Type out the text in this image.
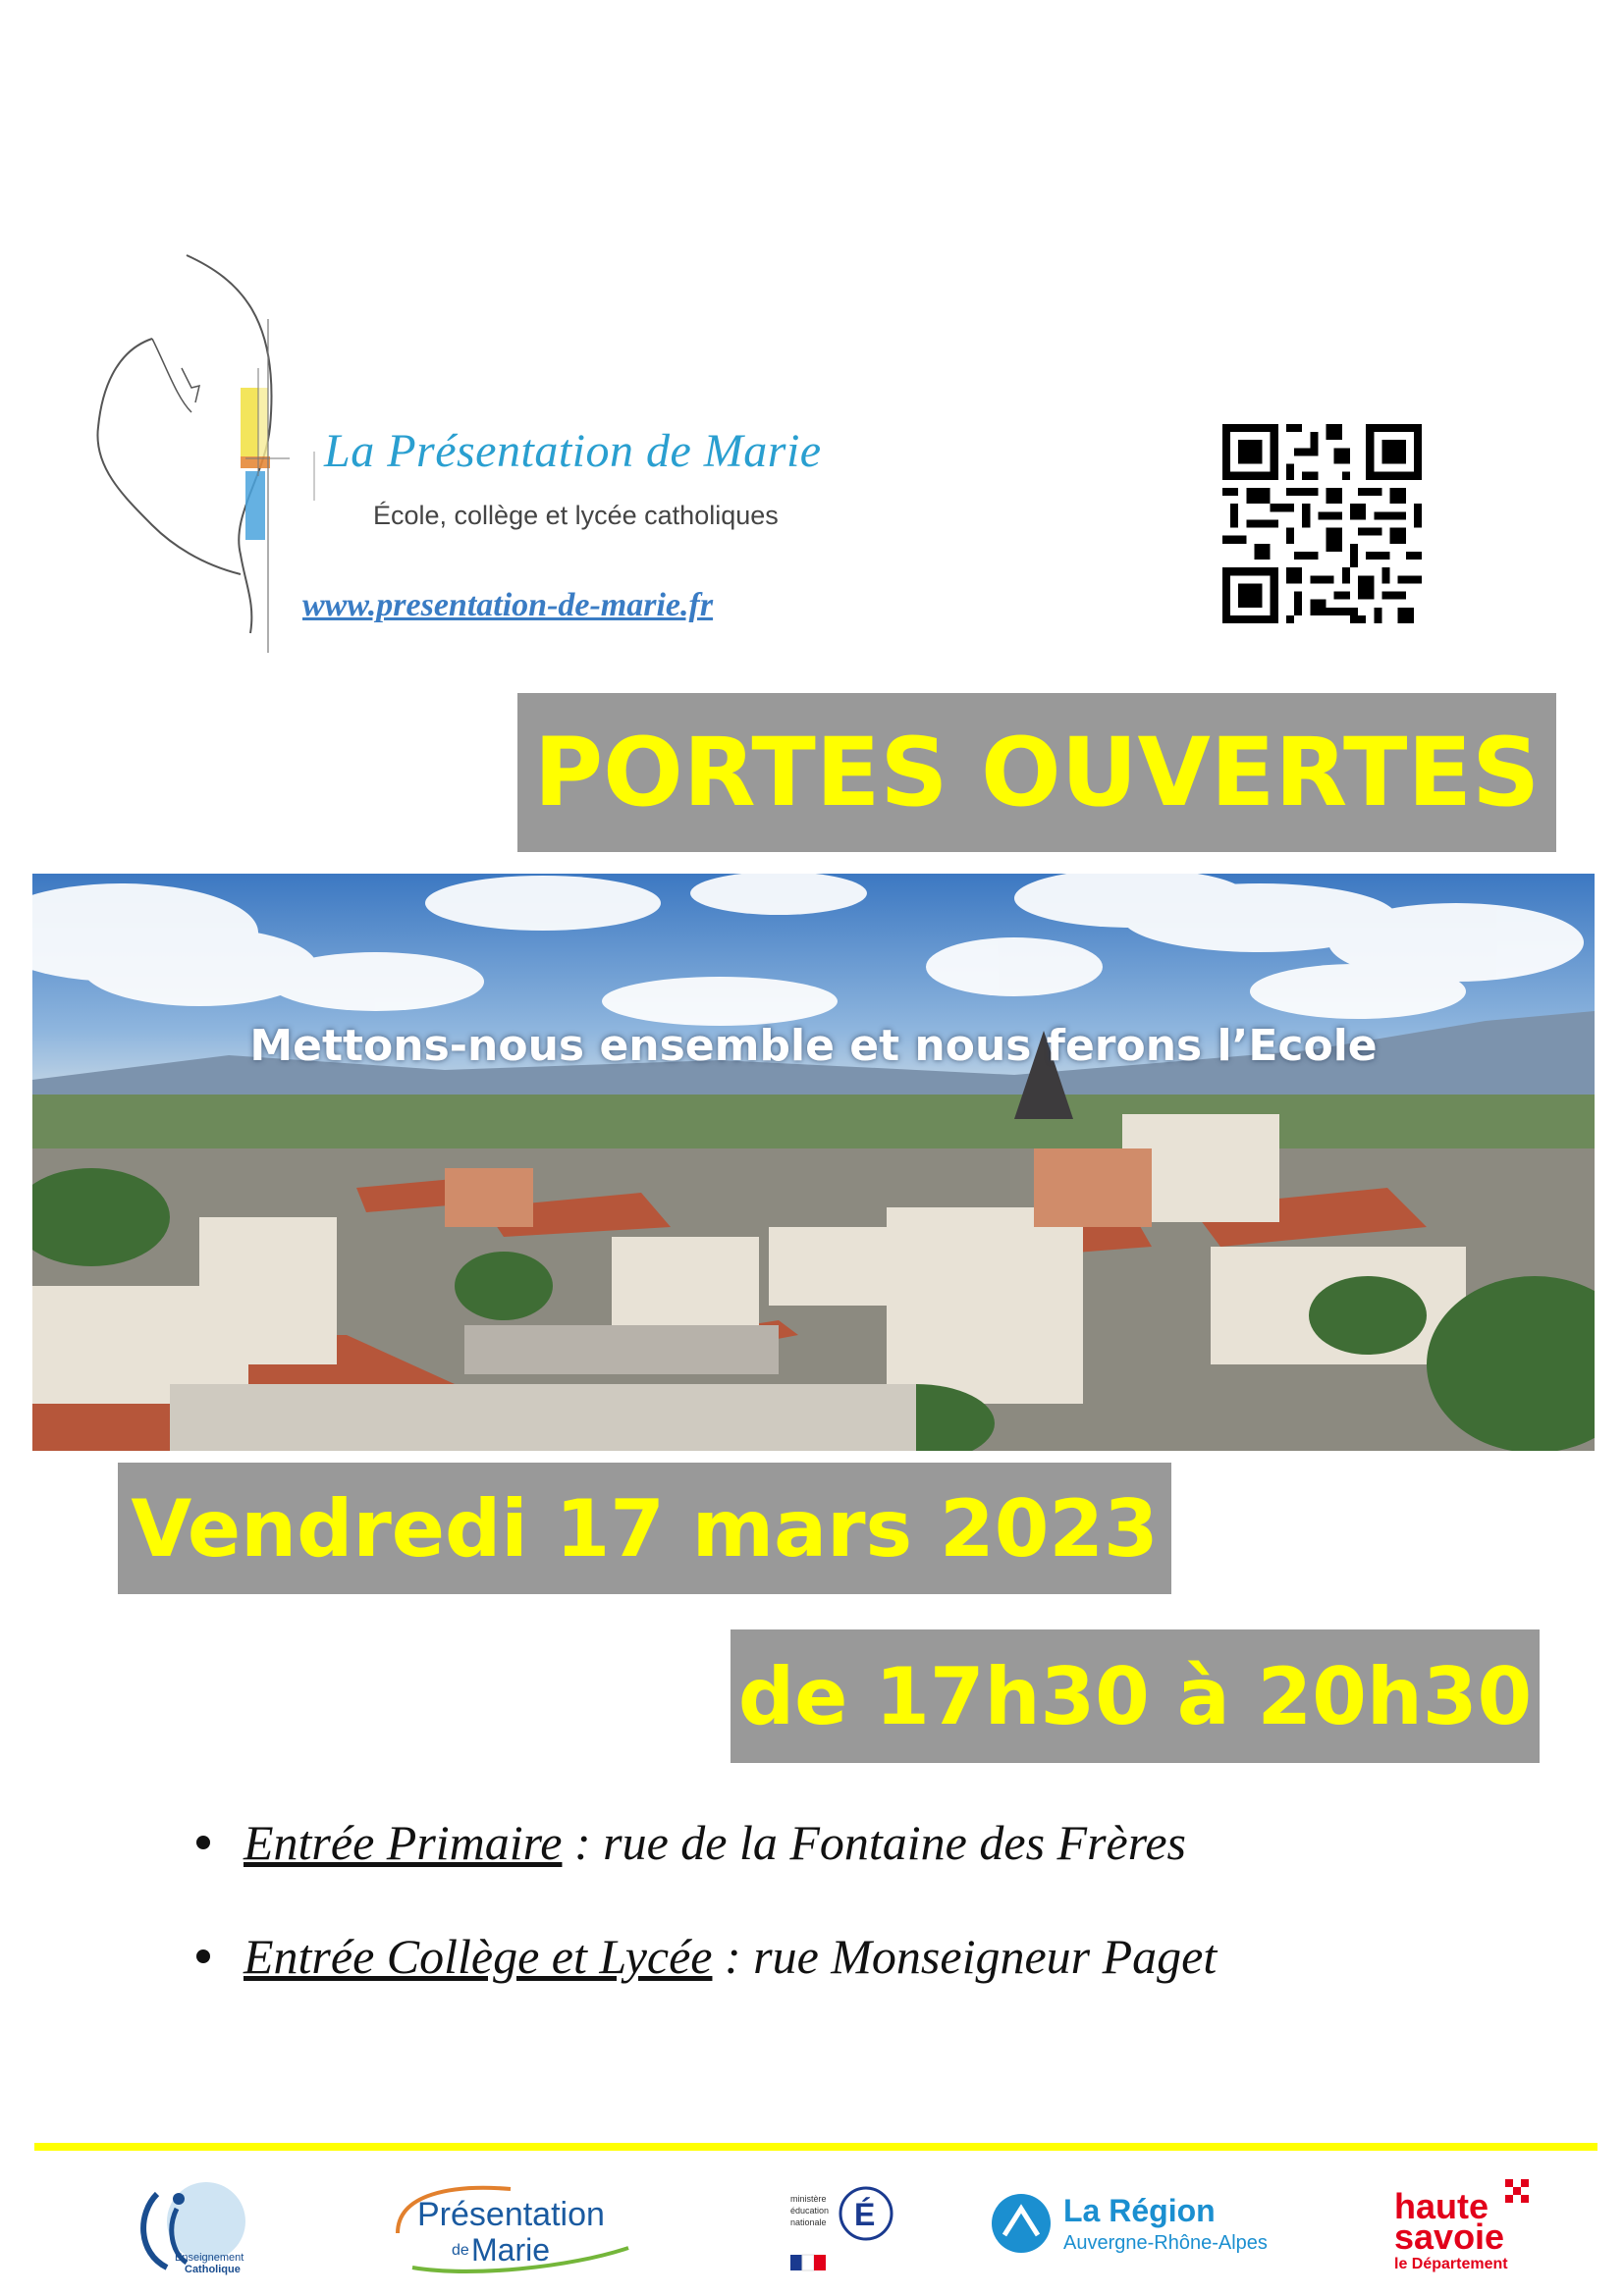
La Présentation de Marie
École, collège et lycée catholiques
www.presentation-de-marie.fr
PORTES OUVERTES
Mettons-nous ensemble et nous ferons l’Ecole
Vendredi 17 mars 2023
de 17h30 à 20h30
Entrée Primaire : rue de la Fontaine des Frères
Entrée Collège et Lycée : rue Monseigneur Paget
Enseignement
Catholique
Présentation
de Marie
ministère
éducation
nationale É	La Région
Auvergne-Rhône-Alpes
haute
savoie
le Département
